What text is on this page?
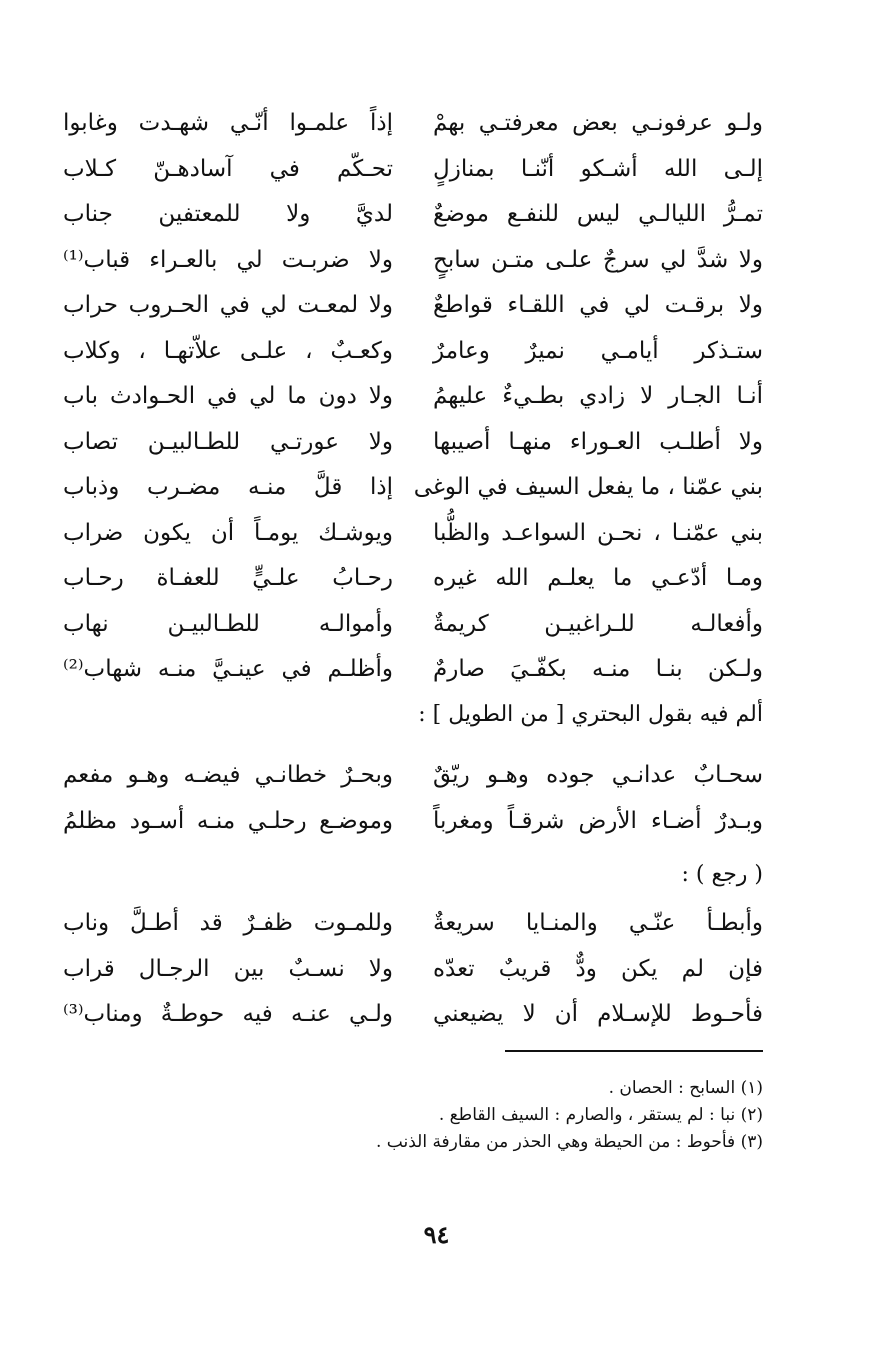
ولـو عرفونـي بعض معرفتـي بهمْ
إذاً علمـوا أنّـي شهـدت وغابوا
إلـى الله أشـكو أنّنـا بمنازلٍ
تحـكّم في آسادهـنّ كـلاب
تمـرُّ الليالـي ليس للنفـع موضعٌ
لديَّ ولا للمعتفين جناب
ولا شدَّ لي سرجٌ علـى متـن سابحٍ
ولا ضربـت لي بالعـراء قباب⁽¹⁾
ولا برقـت لي في اللقـاء قواطعٌ
ولا لمعـت لي في الحـروب حراب
ستـذكر أيامـي نميرٌ وعامرٌ
وكعـبٌ ، علـى علاّتهـا ، وكلاب
أنـا الجـار لا زادي بطـيءٌ عليهمُ
ولا دون ما لي في الحـوادث باب
ولا أطلـب العـوراء منهـا أصيبها
ولا عورتـي للطـالبيـن تصاب
بني عمّنا ، ما يفعل السيف في الوغى
إذا قلَّ منـه مضـرب وذباب
بني عمّنـا ، نحـن السواعـد والظُّبا
ويوشـك يومـاً أن يكون ضراب
ومـا أدّعـي ما يعلـم الله غيره
رحـابُ علـيٍّ للعفـاة رحـاب
وأفعالـه للـراغبيـن كريمةٌ
وأموالـه للطـالبيـن نهاب
ولـكن بنـا منـه بكفّـيَ صارمٌ
وأظلـم في عينـيَّ منـه شهاب⁽²⁾
ألم فيه بقول البحتري [ من الطويل ] :
سحـابٌ عدانـي جوده وهـو ريّقٌ
وبحـرٌ خطانـي فيضـه وهـو مفعم
وبـدرٌ أضـاء الأرض شرقـاً ومغرباً
وموضـع رحلـي منـه أسـود مظلمُ
( رجع ) :
وأبطـأ عنّـي والمنـايا سريعةٌ
وللمـوت ظفـرٌ قد أطـلَّ وناب
فإن لم يكن ودٌّ قريبٌ تعدّه
ولا نسـبٌ بين الرجـال قراب
فأحـوط للإسـلام أن لا يضيعني
ولـي عنـه فيه حوطـةٌ ومناب⁽³⁾
(١) السابح : الحصان .
(٢) نبا : لم يستقر ، والصارم : السيف القاطع .
(٣) فأحوط : من الحيطة وهي الحذر من مقارفة الذنب .
٩٤
